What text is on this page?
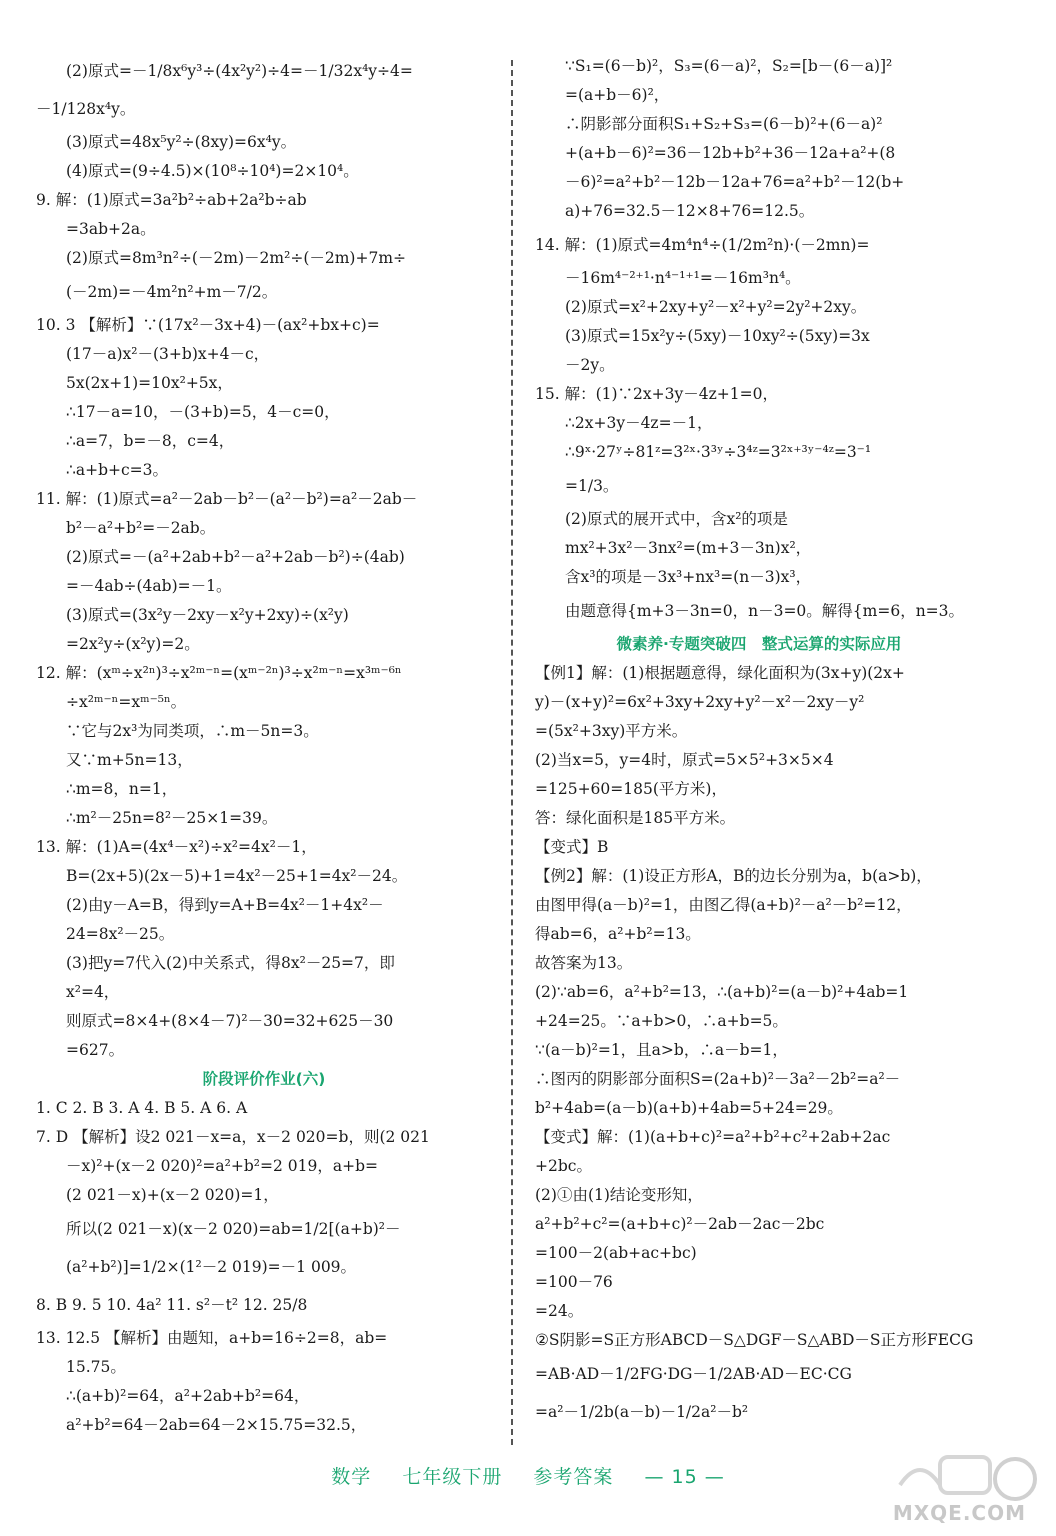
(2)原式=－1/8x⁶y³÷(4x²y²)÷4=－1/32x⁴y÷4=
－1/128x⁴y。
(3)原式=48x⁵y²÷(8xy)=6x⁴y。
(4)原式=(9÷4.5)×(10⁸÷10⁴)=2×10⁴。
9. 解：(1)原式=3a²b²÷ab+2a²b÷ab
=3ab+2a。
(2)原式=8m³n²÷(－2m)－2m²÷(－2m)+7m÷
(－2m)=－4m²n²+m－7/2。
10. 3 【解析】∵(17x²－3x+4)－(ax²+bx+c)=
(17－a)x²－(3+b)x+4－c，
5x(2x+1)=10x²+5x，
∴17－a=10，－(3+b)=5，4－c=0，
∴a=7，b=－8，c=4，
∴a+b+c=3。
11. 解：(1)原式=a²－2ab－b²－(a²－b²)=a²－2ab－
b²－a²+b²=－2ab。
(2)原式=－(a²+2ab+b²－a²+2ab－b²)÷(4ab)
=－4ab÷(4ab)=－1。
(3)原式=(3x²y－2xy－x²y+2xy)÷(x²y)
=2x²y÷(x²y)=2。
12. 解：(xᵐ÷x²ⁿ)³÷x²ᵐ⁻ⁿ=(xᵐ⁻²ⁿ)³÷x²ᵐ⁻ⁿ=x³ᵐ⁻⁶ⁿ
÷x²ᵐ⁻ⁿ=xᵐ⁻⁵ⁿ。
∵它与2x³为同类项，∴m－5n=3。
又∵m+5n=13，
∴m=8，n=1，
∴m²－25n=8²－25×1=39。
13. 解：(1)A=(4x⁴－x²)÷x²=4x²－1，
B=(2x+5)(2x－5)+1=4x²－25+1=4x²－24。
(2)由y－A=B，得到y=A+B=4x²－1+4x²－
24=8x²－25。
(3)把y=7代入(2)中关系式，得8x²－25=7，即
x²=4，
则原式=8×4+(8×4－7)²－30=32+625－30
=627。
阶段评价作业(六)
1. C 2. B 3. A 4. B 5. A 6. A
7. D 【解析】设2 021－x=a，x－2 020=b，则(2 021
－x)²+(x－2 020)²=a²+b²=2 019，a+b=
(2 021－x)+(x－2 020)=1，
所以(2 021－x)(x－2 020)=ab=1/2[(a+b)²－
(a²+b²)]=1/2×(1²－2 019)=－1 009。
8. B 9. 5 10. 4a² 11. s²－t² 12. 25/8
13. 12.5 【解析】由题知，a+b=16÷2=8，ab=
15.75。
∴(a+b)²=64，a²+2ab+b²=64，
a²+b²=64－2ab=64－2×15.75=32.5，
∵S₁=(6－b)²，S₃=(6－a)²，S₂=[b－(6－a)]²
=(a+b－6)²，
∴阴影部分面积S₁+S₂+S₃=(6－b)²+(6－a)²
+(a+b－6)²=36－12b+b²+36－12a+a²+(8
－6)²=a²+b²－12b－12a+76=a²+b²－12(b+
a)+76=32.5－12×8+76=12.5。
14. 解：(1)原式=4m⁴n⁴÷(1/2m²n)·(－2mn)=
－16m⁴⁻²⁺¹·n⁴⁻¹⁺¹=－16m³n⁴。
(2)原式=x²+2xy+y²－x²+y²=2y²+2xy。
(3)原式=15x²y÷(5xy)－10xy²÷(5xy)=3x
－2y。
15. 解：(1)∵2x+3y－4z+1=0，
∴2x+3y－4z=－1，
∴9ˣ·27ʸ÷81ᶻ=3²ˣ·3³ʸ÷3⁴ᶻ=3²ˣ⁺³ʸ⁻⁴ᶻ=3⁻¹
=1/3。
(2)原式的展开式中，含x²的项是
mx²+3x²－3nx²=(m+3－3n)x²，
含x³的项是－3x³+nx³=(n－3)x³，
由题意得{m+3－3n=0，n－3=0。解得{m=6，n=3。
微素养·专题突破四　整式运算的实际应用
【例1】解：(1)根据题意得，绿化面积为(3x+y)(2x+
y)－(x+y)²=6x²+3xy+2xy+y²－x²－2xy－y²
=(5x²+3xy)平方米。
(2)当x=5，y=4时，原式=5×5²+3×5×4
=125+60=185(平方米)，
答：绿化面积是185平方米。
【变式】B
【例2】解：(1)设正方形A，B的边长分别为a，b(a>b)，
由图甲得(a－b)²=1，由图乙得(a+b)²－a²－b²=12，
得ab=6，a²+b²=13。
故答案为13。
(2)∵ab=6，a²+b²=13，∴(a+b)²=(a－b)²+4ab=1
+24=25。∵a+b>0，∴a+b=5。
∵(a－b)²=1，且a>b，∴a－b=1，
∴图丙的阴影部分面积S=(2a+b)²－3a²－2b²=a²－
b²+4ab=(a－b)(a+b)+4ab=5+24=29。
【变式】解：(1)(a+b+c)²=a²+b²+c²+2ab+2ac
+2bc。
(2)①由(1)结论变形知，
a²+b²+c²=(a+b+c)²－2ab－2ac－2bc
=100－2(ab+ac+bc)
=100－76
=24。
②S阴影=S正方形ABCD－S△DGF－S△ABD－S正方形FECG
=AB·AD－1/2FG·DG－1/2AB·AD－EC·CG
=a²－1/2b(a－b)－1/2a²－b²
数学 七年级下册 参考答案 — 15 —
MXQE.COM
